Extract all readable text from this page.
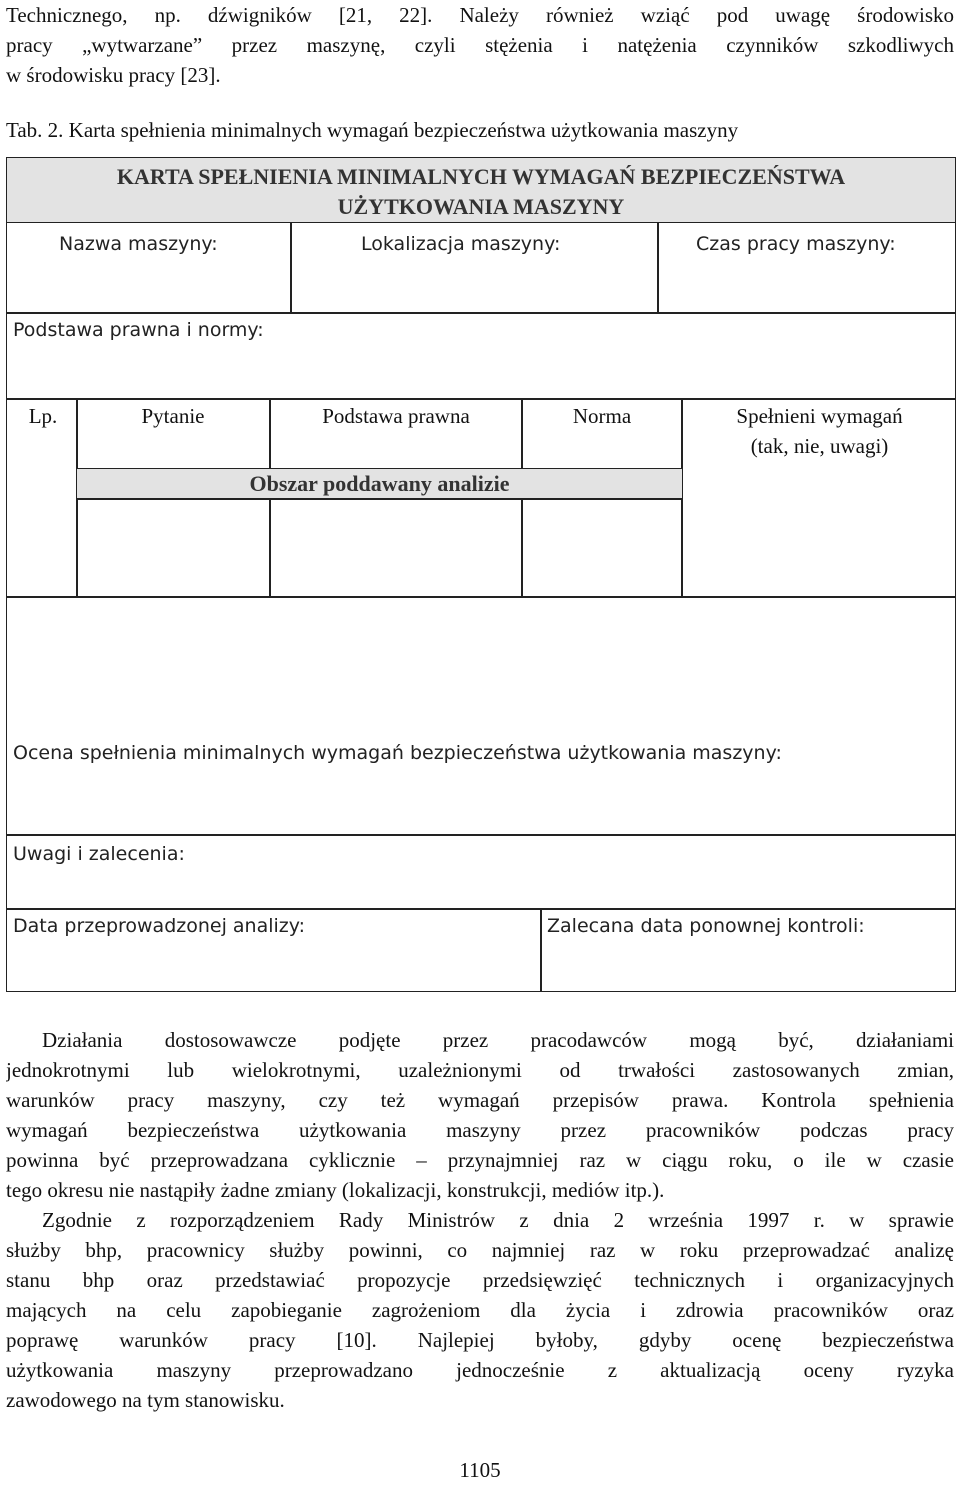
Technicznego, np. dźwigników [21, 22]. Należy również wziąć pod uwagę środowisko
pracy „wytwarzane” przez maszynę, czyli stężenia i natężenia czynników szkodliwych
w środowisku pracy [23].
Tab. 2. Karta spełnienia minimalnych wymagań bezpieczeństwa użytkowania maszyny
KARTA SPEŁNIENIA MINIMALNYCH WYMAGAŃ BEZPIECZEŃSTWA
UŻYTKOWANIA MASZYNY
Nazwa maszyny:	Lokalizacja maszyny:	Czas pracy maszyny:
Podstawa prawna i normy:
Lp.	Pytanie	Podstawa prawna	Norma	Spełnieni wymagań
(tak, nie, uwagi)
Obszar poddawany analizie
Ocena spełnienia minimalnych wymagań bezpieczeństwa użytkowania maszyny:
Uwagi i zalecenia:
Data przeprowadzonej analizy:	Zalecana data ponownej kontroli:
Działania dostosowawcze podjęte przez pracodawców mogą być, działaniami
jednokrotnymi lub wielokrotnymi, uzależnionymi od trwałości zastosowanych zmian,
warunków pracy maszyny, czy też wymagań przepisów prawa. Kontrola spełnienia
wymagań bezpieczeństwa użytkowania maszyny przez pracowników podczas pracy
powinna być przeprowadzana cyklicznie – przynajmniej raz w ciągu roku, o ile w czasie
tego okresu nie nastąpiły żadne zmiany (lokalizacji, konstrukcji, mediów itp.).
Zgodnie z rozporządzeniem Rady Ministrów z dnia 2 września 1997 r. w sprawie
służby bhp, pracownicy służby powinni, co najmniej raz w roku przeprowadzać analizę
stanu bhp oraz przedstawiać propozycje przedsięwzięć technicznych i organizacyjnych
mających na celu zapobieganie zagrożeniom dla życia i zdrowia pracowników oraz
poprawę warunków pracy [10]. Najlepiej byłoby, gdyby ocenę bezpieczeństwa
użytkowania maszyny przeprowadzano jednocześnie z aktualizacją oceny ryzyka
zawodowego na tym stanowisku.
1105
